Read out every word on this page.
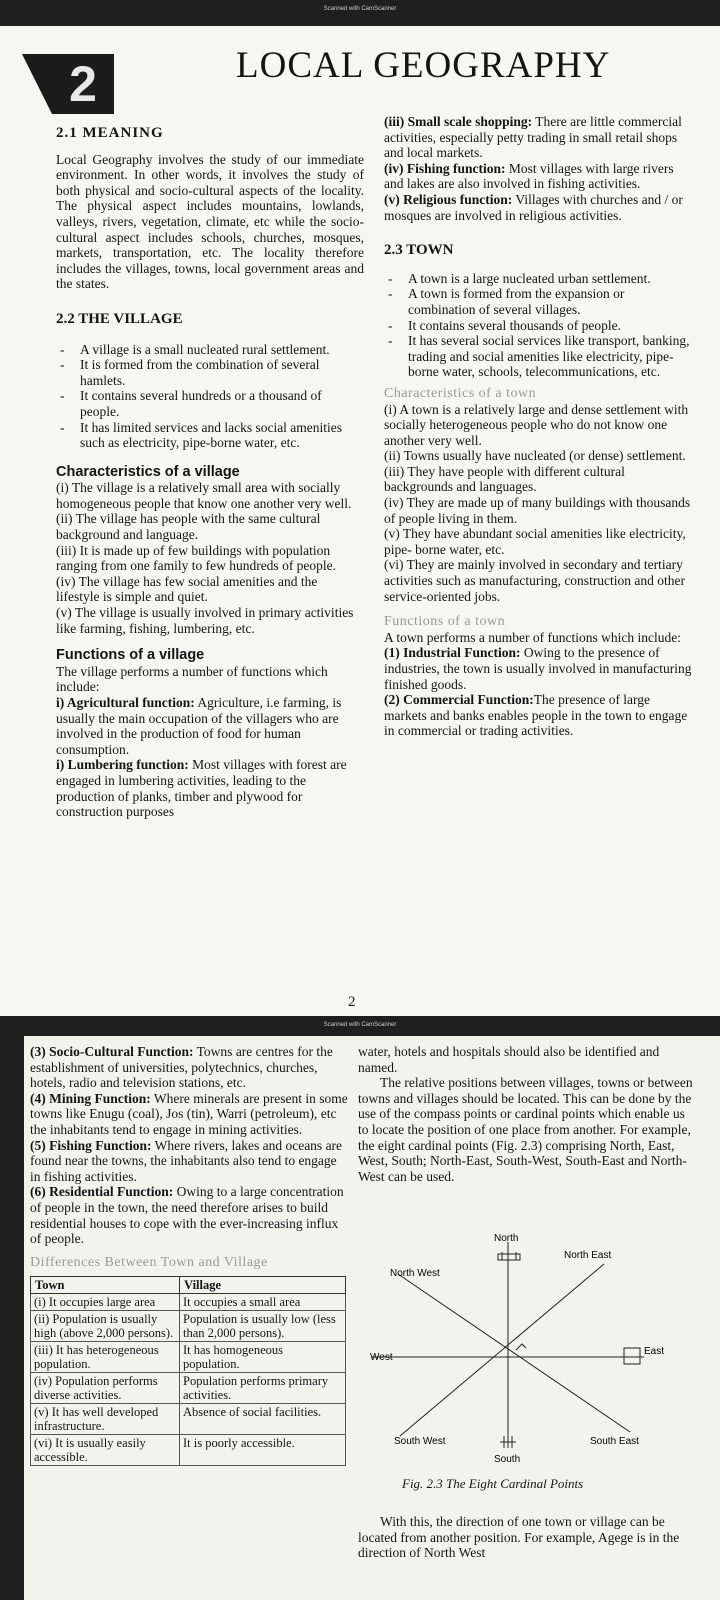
Scanned with CamScanner
2	LOCAL GEOGRAPHY

2.1 MEANING

Local Geography involves the study of our immediate environment. In other words, it involves the study of both physical and socio-cultural aspects of the locality. The physical aspect includes mountains, lowlands, valleys, rivers, vegetation, climate, etc while the socio-cultural aspect includes schools, churches, mosques, markets, transportation, etc. The locality therefore includes the villages, towns, local government areas and the states.

2.2 THE VILLAGE

- A village is a small nucleated rural settlement.
- It is formed from the combination of several hamlets.
- It contains several hundreds or a thousand of people.
- It has limited services and lacks social amenities such as electricity, pipe-borne water, etc.

Characteristics of a village

(i) The village is a relatively small area with socially homogeneous people that know one another very well.

(ii) The village has people with the same cultural background and language.

(iii) It is made up of few buildings with population ranging from one family to few hundreds of people.

(iv) The village has few social amenities and the lifestyle is simple and quiet.

(v) The village is usually involved in primary activities like farming, fishing, lumbering, etc.

Functions of a village

The village performs a number of functions which include:

i) Agricultural function: Agriculture, i.e farming, is usually the main occupation of the villagers who are involved in the production of food for human consumption.

i) Lumbering function: Most villages with forest are engaged in lumbering activities, leading to the production of planks, timber and plywood for construction purposes

(iii) Small scale shopping: There are little commercial activities, especially petty trading in small retail shops and local markets.

(iv) Fishing function: Most villages with large rivers and lakes are also involved in fishing activities.

(v) Religious function: Villages with churches and / or mosques are involved in religious activities.

2.3 TOWN

- A town is a large nucleated urban settlement.
- A town is formed from the expansion or combination of several villages.
- It contains several thousands of people.
- It has several social services like transport, banking, trading and social amenities like electricity, pipe-borne water, schools, telecommunications, etc.

Characteristics of a town

(i) A town is a relatively large and dense settlement with socially heterogeneous people who do not know one another very well.

(ii) Towns usually have nucleated (or dense) settlement.

(iii) They have people with different cultural backgrounds and languages.

(iv) They are made up of many buildings with thousands of people living in them.

(v) They have abundant social amenities like electricity, pipe- borne water, etc.

(vi) They are mainly involved in secondary and tertiary activities such as manufacturing, construction and other service-oriented jobs.

Functions of a town

A town performs a number of functions which include:

(1) Industrial Function: Owing to the presence of industries, the town is usually involved in manufacturing finished goods.

(2) Commercial Function:The presence of large markets and banks enables people in the town to engage in commercial or trading activities.

2
Scanned with CamScanner

(3) Socio-Cultural Function: Towns are centres for the establishment of universities, polytechnics, churches, hotels, radio and television stations, etc.

(4) Mining Function: Where minerals are present in some towns like Enugu (coal), Jos (tin), Warri (petroleum), etc the inhabitants tend to engage in mining activities.

(5) Fishing Function: Where rivers, lakes and oceans are found near the towns, the inhabitants also tend to engage in fishing activities.

(6) Residential Function: Owing to a large concentration of people in the town, the need therefore arises to build residential houses to cope with the ever-increasing influx of people.

Differences Between Town and Village

Town	Village
(i) It occupies large area	It occupies a small area
(ii) Population is usually high (above 2,000 persons).	Population is usually low (less than 2,000 persons).
(iii) It has heterogeneous population.	It has homogeneous population.
(iv) Population performs diverse activities.	Population performs primary activities.
(v) It has well developed infrastructure.	Absence of social facilities.
(vi) It is usually easily accessible.	It is poorly accessible.

water, hotels and hospitals should also be identified and named.

The relative positions between villages, towns or between towns and villages should be located. This can be done by the use of the compass points or cardinal points which enable us to locate the position of one place from another. For example, the eight cardinal points (Fig. 2.3) comprising North, East, West, South; North-East, South-West, South-East and North-West can be used.

North
North East
East
South East
South
South West
West
North West
Fig. 2.3 The Eight Cardinal Points

With this, the direction of one town or village can be located from another position. For example, Agege is in the direction of North West
